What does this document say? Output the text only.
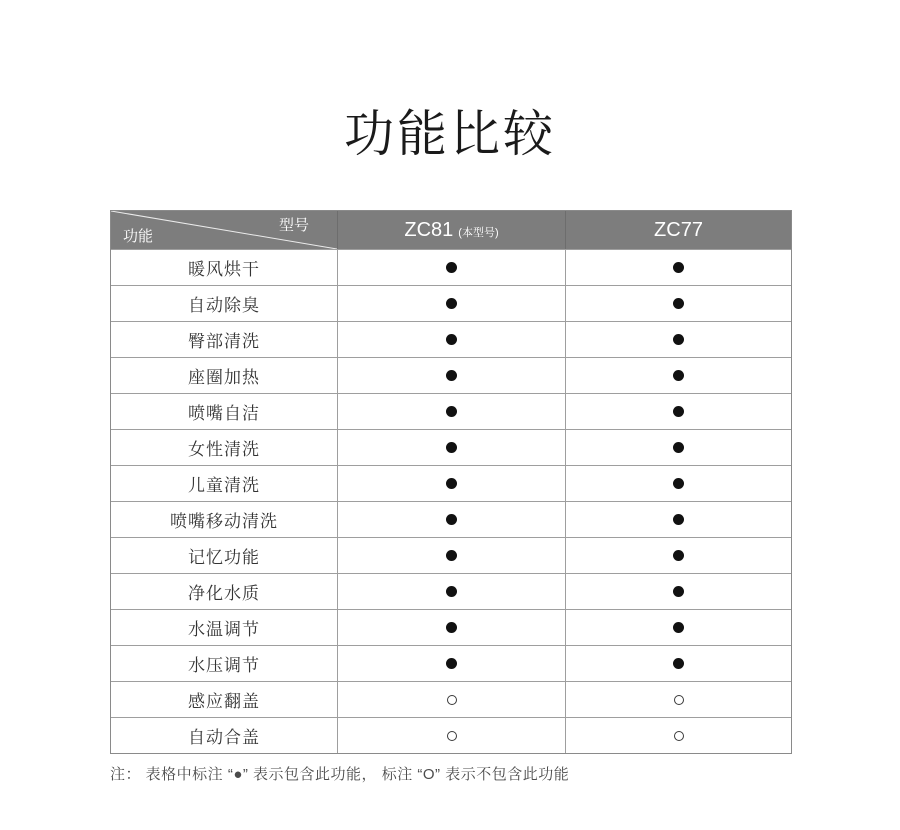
功能比较
型号
功能	ZC81 (本型号)	ZC77
暖风烘干
自动除臭
臀部清洗
座圈加热
喷嘴自洁
女性清洗
儿童清洗
喷嘴移动清洗
记忆功能
净化水质
水温调节
水压调节
感应翻盖
自动合盖
注： 表格中标注 “●” 表示包含此功能， 标注 “O” 表示不包含此功能
